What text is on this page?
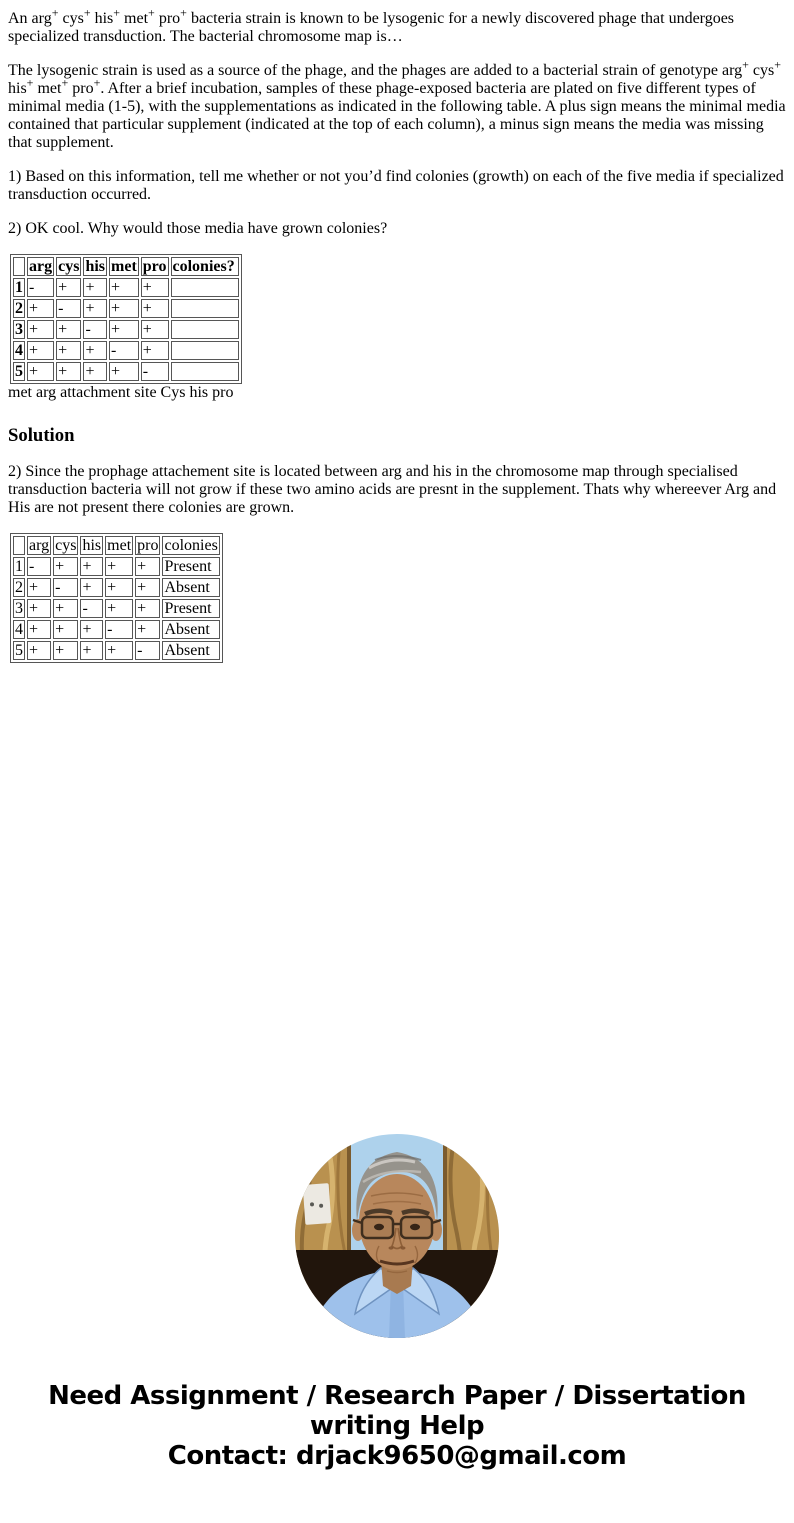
An arg+ cys+ his+ met+ pro+ bacteria strain is known to be lysogenic for a newly discovered phage that undergoes specialized transduction. The bacterial chromosome map is…

The lysogenic strain is used as a source of the phage, and the phages are added to a bacterial strain of genotype arg+ cys+ his+ met+ pro+. After a brief incubation, samples of these phage-exposed bacteria are plated on five different types of minimal media (1-5), with the supplementations as indicated in the following table. A plus sign means the minimal media contained that particular supplement (indicated at the top of each column), a minus sign means the media was missing that supplement.

1) Based on this information, tell me whether or not you’d find colonies (growth) on each of the five media if specialized transduction occurred.

2) OK cool. Why would those media have grown colonies?

	arg	cys	his	met	pro	colonies?
1	-	+	+	+	+	
2	+	-	+	+	+	
3	+	+	-	+	+	
4	+	+	+	-	+	
5	+	+	+	+	-	
met arg attachment site Cys his pro
Solution

2) Since the prophage attachement site is located between arg and his in the chromosome map through specialised transduction bacteria will not grow if these two amino acids are presnt in the supplement. Thats why whereever Arg and His are not present there colonies are grown.

	arg	cys	his	met	pro	colonies
1	-	+	+	+	+	Present
2	+	-	+	+	+	Absent
3	+	+	-	+	+	Present
4	+	+	+	-	+	Absent
5	+	+	+	+	-	Absent
Need Assignment / Research Paper / Dissertation
writing Help
Contact: drjack9650@gmail.com
